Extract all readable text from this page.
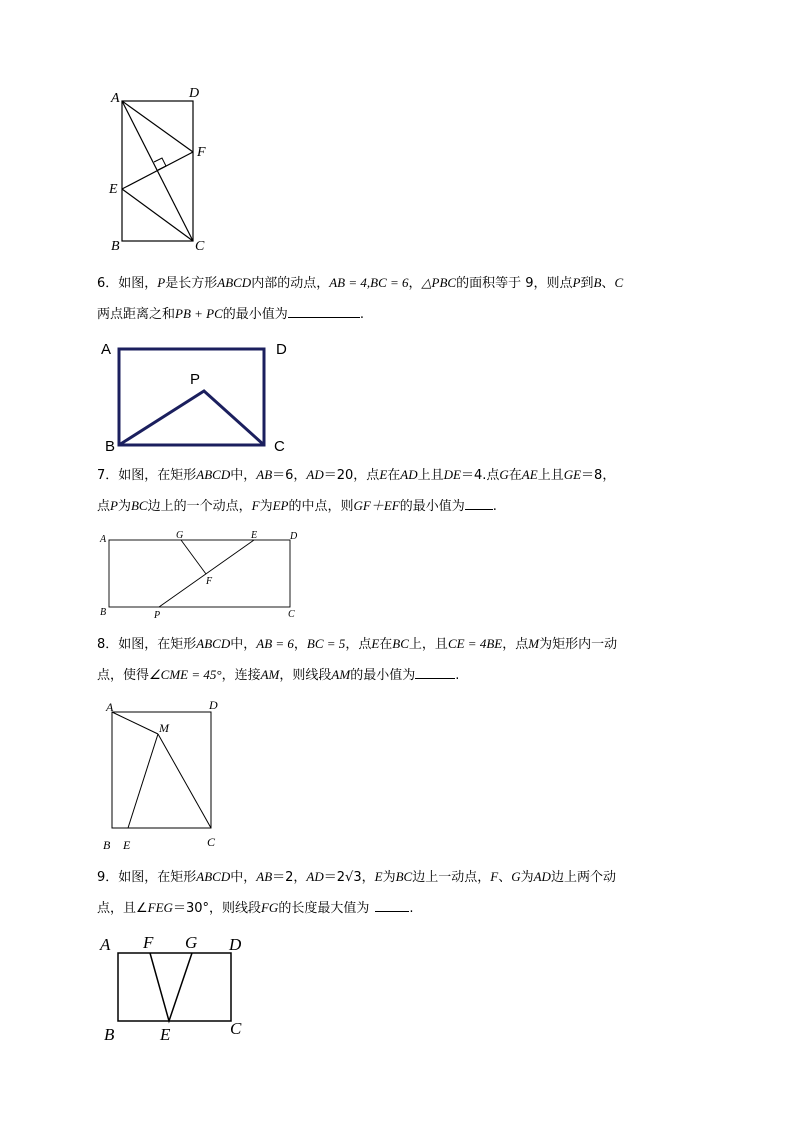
A	D
F
E
B	C
6．如图，P是长方形ABCD内部的动点，AB = 4,BC = 6，△PBC的面积等于 9，则点P到B、C
两点距离之和PB + PC的最小值为	.
A	D
P
B	C
7．如图，在矩形ABCD中，AB＝6，AD＝20，点E在AD上且DE＝4.点G在AE上且GE＝8，
点P为BC边上的一个动点，F为EP的中点，则GF＋EF的最小值为 .
A	G	E	D
F
B	P	C
8．如图，在矩形ABCD中，AB = 6，BC = 5，点E在BC上，且CE = 4BE，点M为矩形内一动
点，使得∠CME = 45°，连接AM，则线段AM的最小值为	.
A	D
M
B E	C
9．如图，在矩形ABCD中，AB＝2，AD＝2√3，E为BC边上一动点，F、G为AD边上两个动
点，且∠FEG＝30°，则线段FG的长度最大值为	.
A F G D
B	E	C
